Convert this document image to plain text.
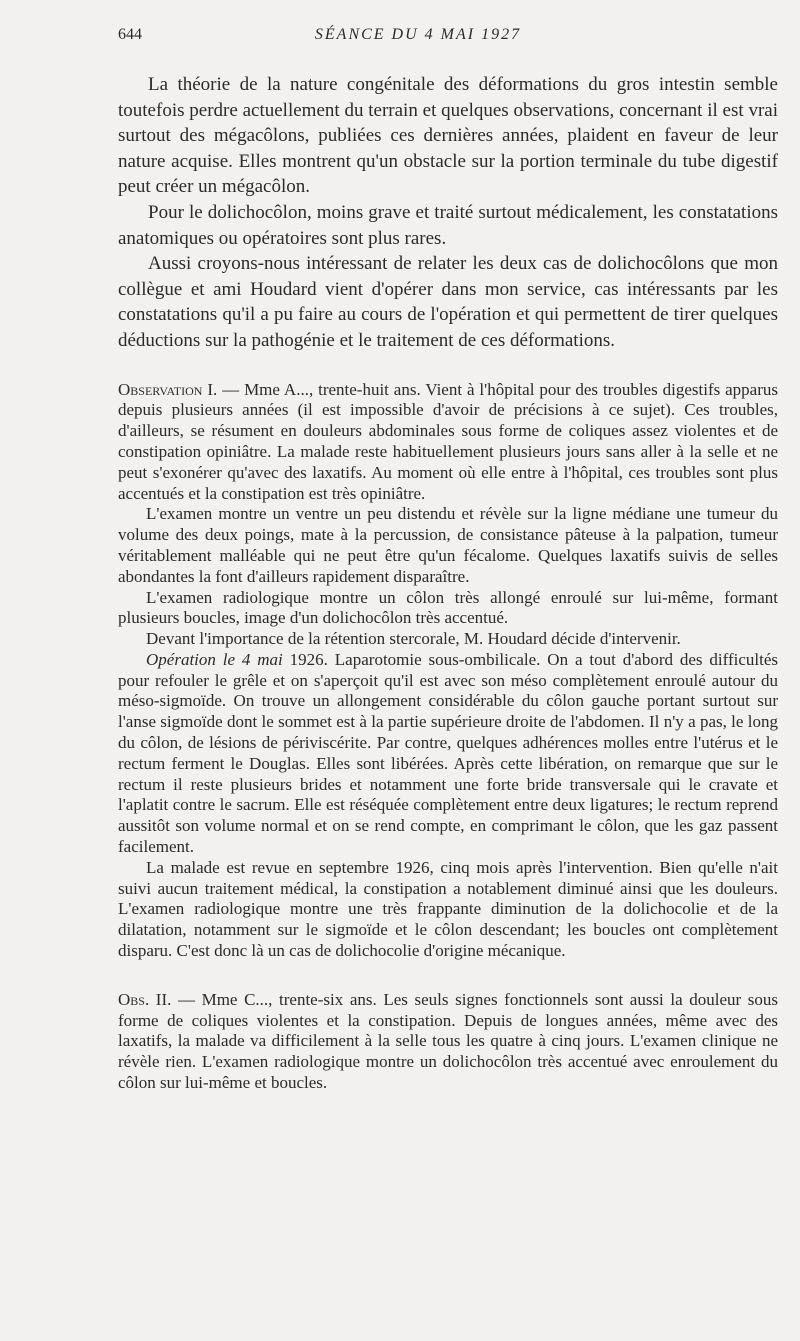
644	SÉANCE DU 4 MAI 1927

La théorie de la nature congénitale des déformations du gros intestin semble toutefois perdre actuellement du terrain et quelques observations, concernant il est vrai surtout des mégacôlons, publiées ces dernières années, plaident en faveur de leur nature acquise. Elles montrent qu'un obstacle sur la portion terminale du tube digestif peut créer un mégacôlon.

Pour le dolichocôlon, moins grave et traité surtout médicalement, les constatations anatomiques ou opératoires sont plus rares.

Aussi croyons-nous intéressant de relater les deux cas de dolichocôlons que mon collègue et ami Houdard vient d'opérer dans mon service, cas intéressants par les constatations qu'il a pu faire au cours de l'opération et qui permettent de tirer quelques déductions sur la pathogénie et le traitement de ces déformations.

Observation I. — Mme A..., trente-huit ans. Vient à l'hôpital pour des troubles digestifs apparus depuis plusieurs années (il est impossible d'avoir de précisions à ce sujet). Ces troubles, d'ailleurs, se résument en douleurs abdominales sous forme de coliques assez violentes et de constipation opiniâtre. La malade reste habituellement plusieurs jours sans aller à la selle et ne peut s'exonérer qu'avec des laxatifs. Au moment où elle entre à l'hôpital, ces troubles sont plus accentués et la constipation est très opiniâtre.

L'examen montre un ventre un peu distendu et révèle sur la ligne médiane une tumeur du volume des deux poings, mate à la percussion, de consistance pâteuse à la palpation, tumeur véritablement malléable qui ne peut être qu'un fécalome. Quelques laxatifs suivis de selles abondantes la font d'ailleurs rapidement disparaître.

L'examen radiologique montre un côlon très allongé enroulé sur lui-même, formant plusieurs boucles, image d'un dolichocôlon très accentué.

Devant l'importance de la rétention stercorale, M. Houdard décide d'intervenir.

Opération le 4 mai 1926. Laparotomie sous-ombilicale. On a tout d'abord des difficultés pour refouler le grêle et on s'aperçoit qu'il est avec son méso complètement enroulé autour du méso-sigmoïde. On trouve un allongement considérable du côlon gauche portant surtout sur l'anse sigmoïde dont le sommet est à la partie supérieure droite de l'abdomen. Il n'y a pas, le long du côlon, de lésions de périviscérite. Par contre, quelques adhérences molles entre l'utérus et le rectum ferment le Douglas. Elles sont libérées. Après cette libération, on remarque que sur le rectum il reste plusieurs brides et notamment une forte bride transversale qui le cravate et l'aplatit contre le sacrum. Elle est réséquée complètement entre deux ligatures; le rectum reprend aussitôt son volume normal et on se rend compte, en comprimant le côlon, que les gaz passent facilement.

La malade est revue en septembre 1926, cinq mois après l'intervention. Bien qu'elle n'ait suivi aucun traitement médical, la constipation a notablement diminué ainsi que les douleurs. L'examen radiologique montre une très frappante diminution de la dolichocolie et de la dilatation, notamment sur le sigmoïde et le côlon descendant; les boucles ont complètement disparu. C'est donc là un cas de dolichocolie d'origine mécanique.

Obs. II. — Mme C..., trente-six ans. Les seuls signes fonctionnels sont aussi la douleur sous forme de coliques violentes et la constipation. Depuis de longues années, même avec des laxatifs, la malade va difficilement à la selle tous les quatre à cinq jours. L'examen clinique ne révèle rien. L'examen radiologique montre un dolichocôlon très accentué avec enroulement du côlon sur lui-même et boucles.
